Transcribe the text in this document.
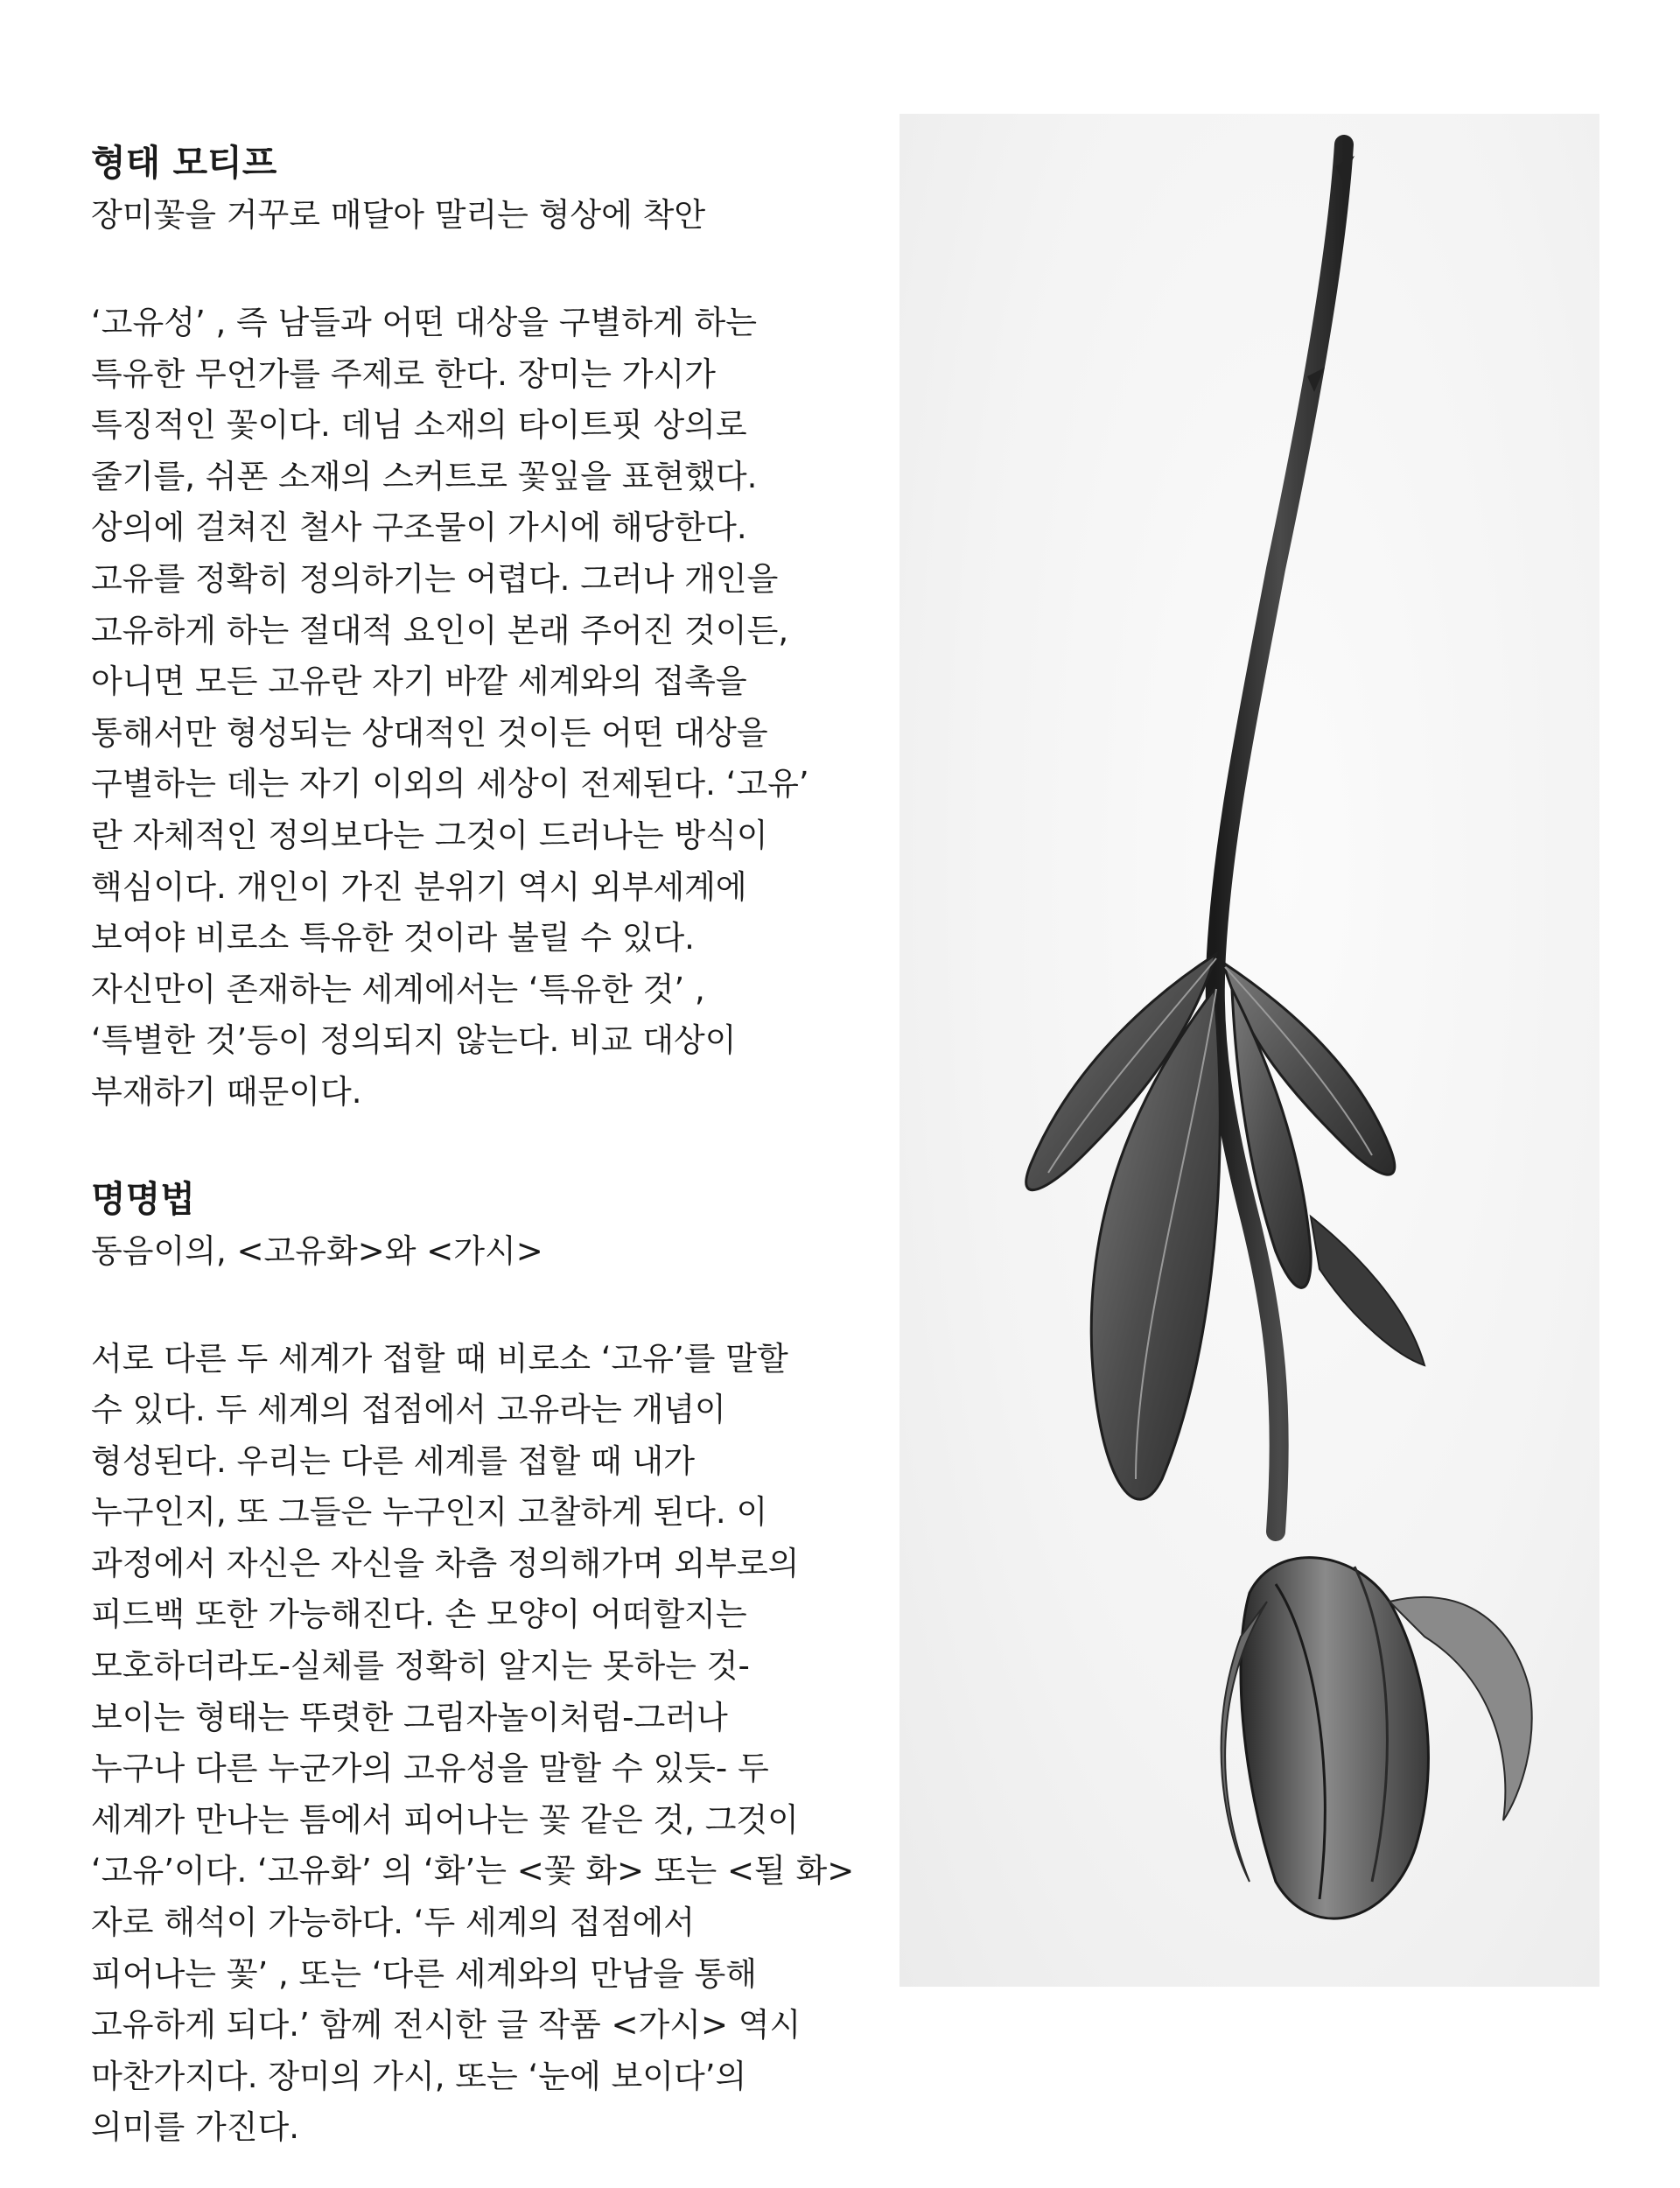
형태 모티프

장미꽃을 거꾸로 매달아 말리는 형상에 착안

‘고유성’ , 즉 남들과 어떤 대상을 구별하게 하는
특유한 무언가를 주제로 한다. 장미는 가시가
특징적인 꽃이다. 데님 소재의 타이트핏 상의로
줄기를, 쉬폰 소재의 스커트로 꽃잎을 표현했다.
상의에 걸쳐진 철사 구조물이 가시에 해당한다.
고유를 정확히 정의하기는 어렵다. 그러나 개인을
고유하게 하는 절대적 요인이 본래 주어진 것이든,
아니면 모든 고유란 자기 바깥 세계와의 접촉을
통해서만 형성되는 상대적인 것이든 어떤 대상을
구별하는 데는 자기 이외의 세상이 전제된다. ‘고유’
란 자체적인 정의보다는 그것이 드러나는 방식이
핵심이다. 개인이 가진 분위기 역시 외부세계에
보여야 비로소 특유한 것이라 불릴 수 있다.
자신만이 존재하는 세계에서는 ‘특유한 것’ ,
‘특별한 것’등이 정의되지 않는다. 비교 대상이
부재하기 때문이다.
명명법

동음이의, <고유화>와 <가시>

서로 다른 두 세계가 접할 때 비로소 ‘고유’를 말할
수 있다. 두 세계의 접점에서 고유라는 개념이
형성된다. 우리는 다른 세계를 접할 때 내가
누구인지, 또 그들은 누구인지 고찰하게 된다. 이
과정에서 자신은 자신을 차츰 정의해가며 외부로의
피드백 또한 가능해진다. 손 모양이 어떠할지는
모호하더라도-실체를 정확히 알지는 못하는 것-
보이는 형태는 뚜렷한 그림자놀이처럼-그러나
누구나 다른 누군가의 고유성을 말할 수 있듯- 두
세계가 만나는 틈에서 피어나는 꽃 같은 것, 그것이
‘고유’이다. ‘고유화’ 의 ‘화’는 <꽃 화> 또는 <될 화>
자로 해석이 가능하다. ‘두 세계의 접점에서
피어나는 꽃’ , 또는 ‘다른 세계와의 만남을 통해
고유하게 되다.’ 함께 전시한 글 작품 <가시> 역시
마찬가지다. 장미의 가시, 또는 ‘눈에 보이다’의
의미를 가진다.
